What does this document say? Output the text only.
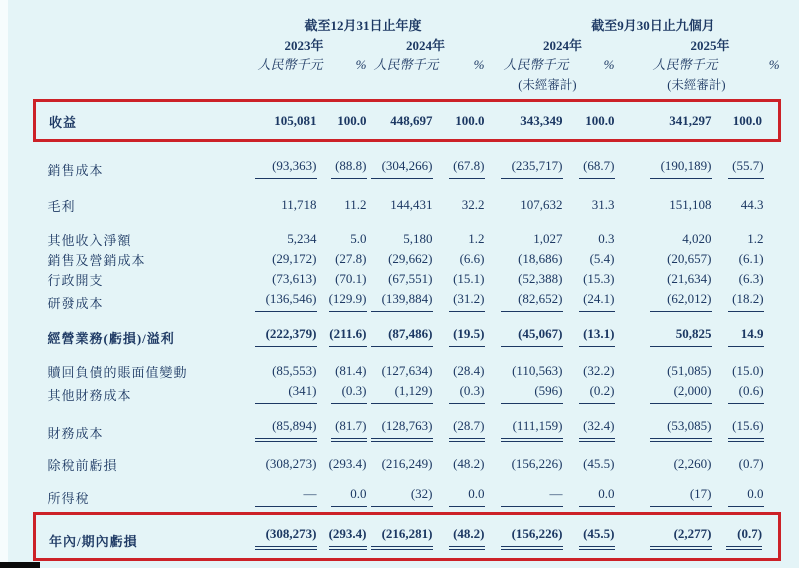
	截至12月31日止年度				截至9月30日止九個月			
	2023年		2024年		2024年		2025年	

	人民幣千元	%	人民幣千元	%	人民幣千元	%	人民幣千元	%

					(未經審計)		(未經審計)	

收益	105,081	100.0	448,697	100.0	343,349	100.0	341,297	100.0

銷售成本	(93,363)	(88.8)	(304,266)	(67.8)	(235,717)	(68.7)	(190,189)	(55.7)

毛利	11,718	11.2	144,431	32.2	107,632	31.3	151,108	44.3

其他收入淨額	5,234	5.0	5,180	1.2	1,027	0.3	4,020	1.2
銷售及營銷成本	(29,172)	(27.8)	(29,662)	(6.6)	(18,686)	(5.4)	(20,657)	(6.1)
行政開支	(73,613)	(70.1)	(67,551)	(15.1)	(52,388)	(15.3)	(21,634)	(6.3)
研發成本	(136,546)	(129.9)	(139,884)	(31.2)	(82,652)	(24.1)	(62,012)	(18.2)

經營業務(虧損)/溢利	(222,379)	(211.6)	(87,486)	(19.5)	(45,067)	(13.1)	50,825	14.9

贖回負債的賬面值變動	(85,553)	(81.4)	(127,634)	(28.4)	(110,563)	(32.2)	(51,085)	(15.0)
其他財務成本	(341)	(0.3)	(1,129)	(0.3)	(596)	(0.2)	(2,000)	(0.6)

財務成本	(85,894)	(81.7)	(128,763)	(28.7)	(111,159)	(32.4)	(53,085)	(15.6)

除稅前虧損	(308,273)	(293.4)	(216,249)	(48.2)	(156,226)	(45.5)	(2,260)	(0.7)

所得稅	—	0.0	(32)	0.0	—	0.0	(17)	0.0

年內/期內虧損	(308,273)	(293.4)	(216,281)	(48.2)	(156,226)	(45.5)	(2,277)	(0.7)
